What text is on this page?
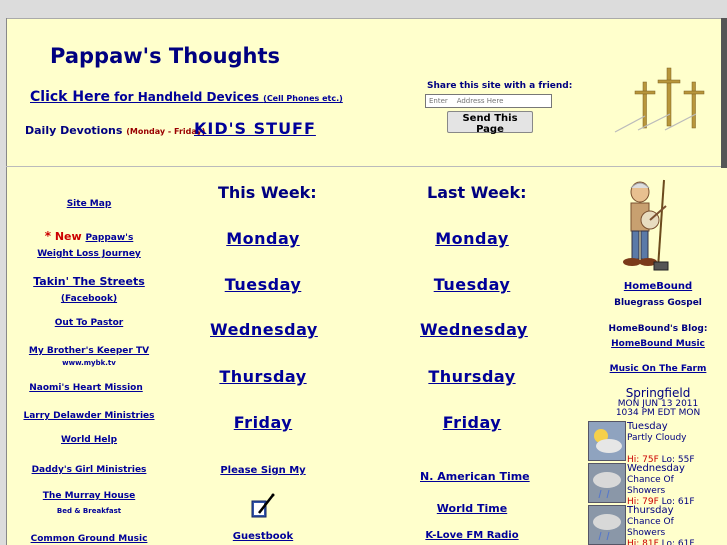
Pappaw's Thoughts
Click Here for Handheld Devices (Cell Phones etc.)
Daily Devotions (Monday - Friday)
KID'S STUFF
Share this site with a friend:
Enter Address Here
Send This Page
Site Map
* New Pappaw's
Weight Loss Journey
Takin' The Streets
(Facebook)
Out To Pastor
My Brother's Keeper TV
www.mybk.tv
Naomi's Heart Mission
Larry Delawder Ministries
World Help
Daddy's Girl Ministries
The Murray House
Bed & Breakfast
Common Ground Music
This Week:
Monday
Tuesday
Wednesday
Thursday
Friday
Please Sign My
Guestbook
Last Week:
Monday
Tuesday
Wednesday
Thursday
Friday
N. American Time
World Time
K-Love FM Radio
HomeBound
Bluegrass Gospel
HomeBound's Blog:
HomeBound Music
Music On The Farm
Springfield
MON JUN 13 2011
1034 PM EDT MON
Tuesday
Partly Cloudy

Hi: 75F Lo: 55F
Wednesday
Chance Of
Showers
Hi: 79F Lo: 61F
Thursday
Chance Of
Showers
Hi: 81F Lo: 61F
